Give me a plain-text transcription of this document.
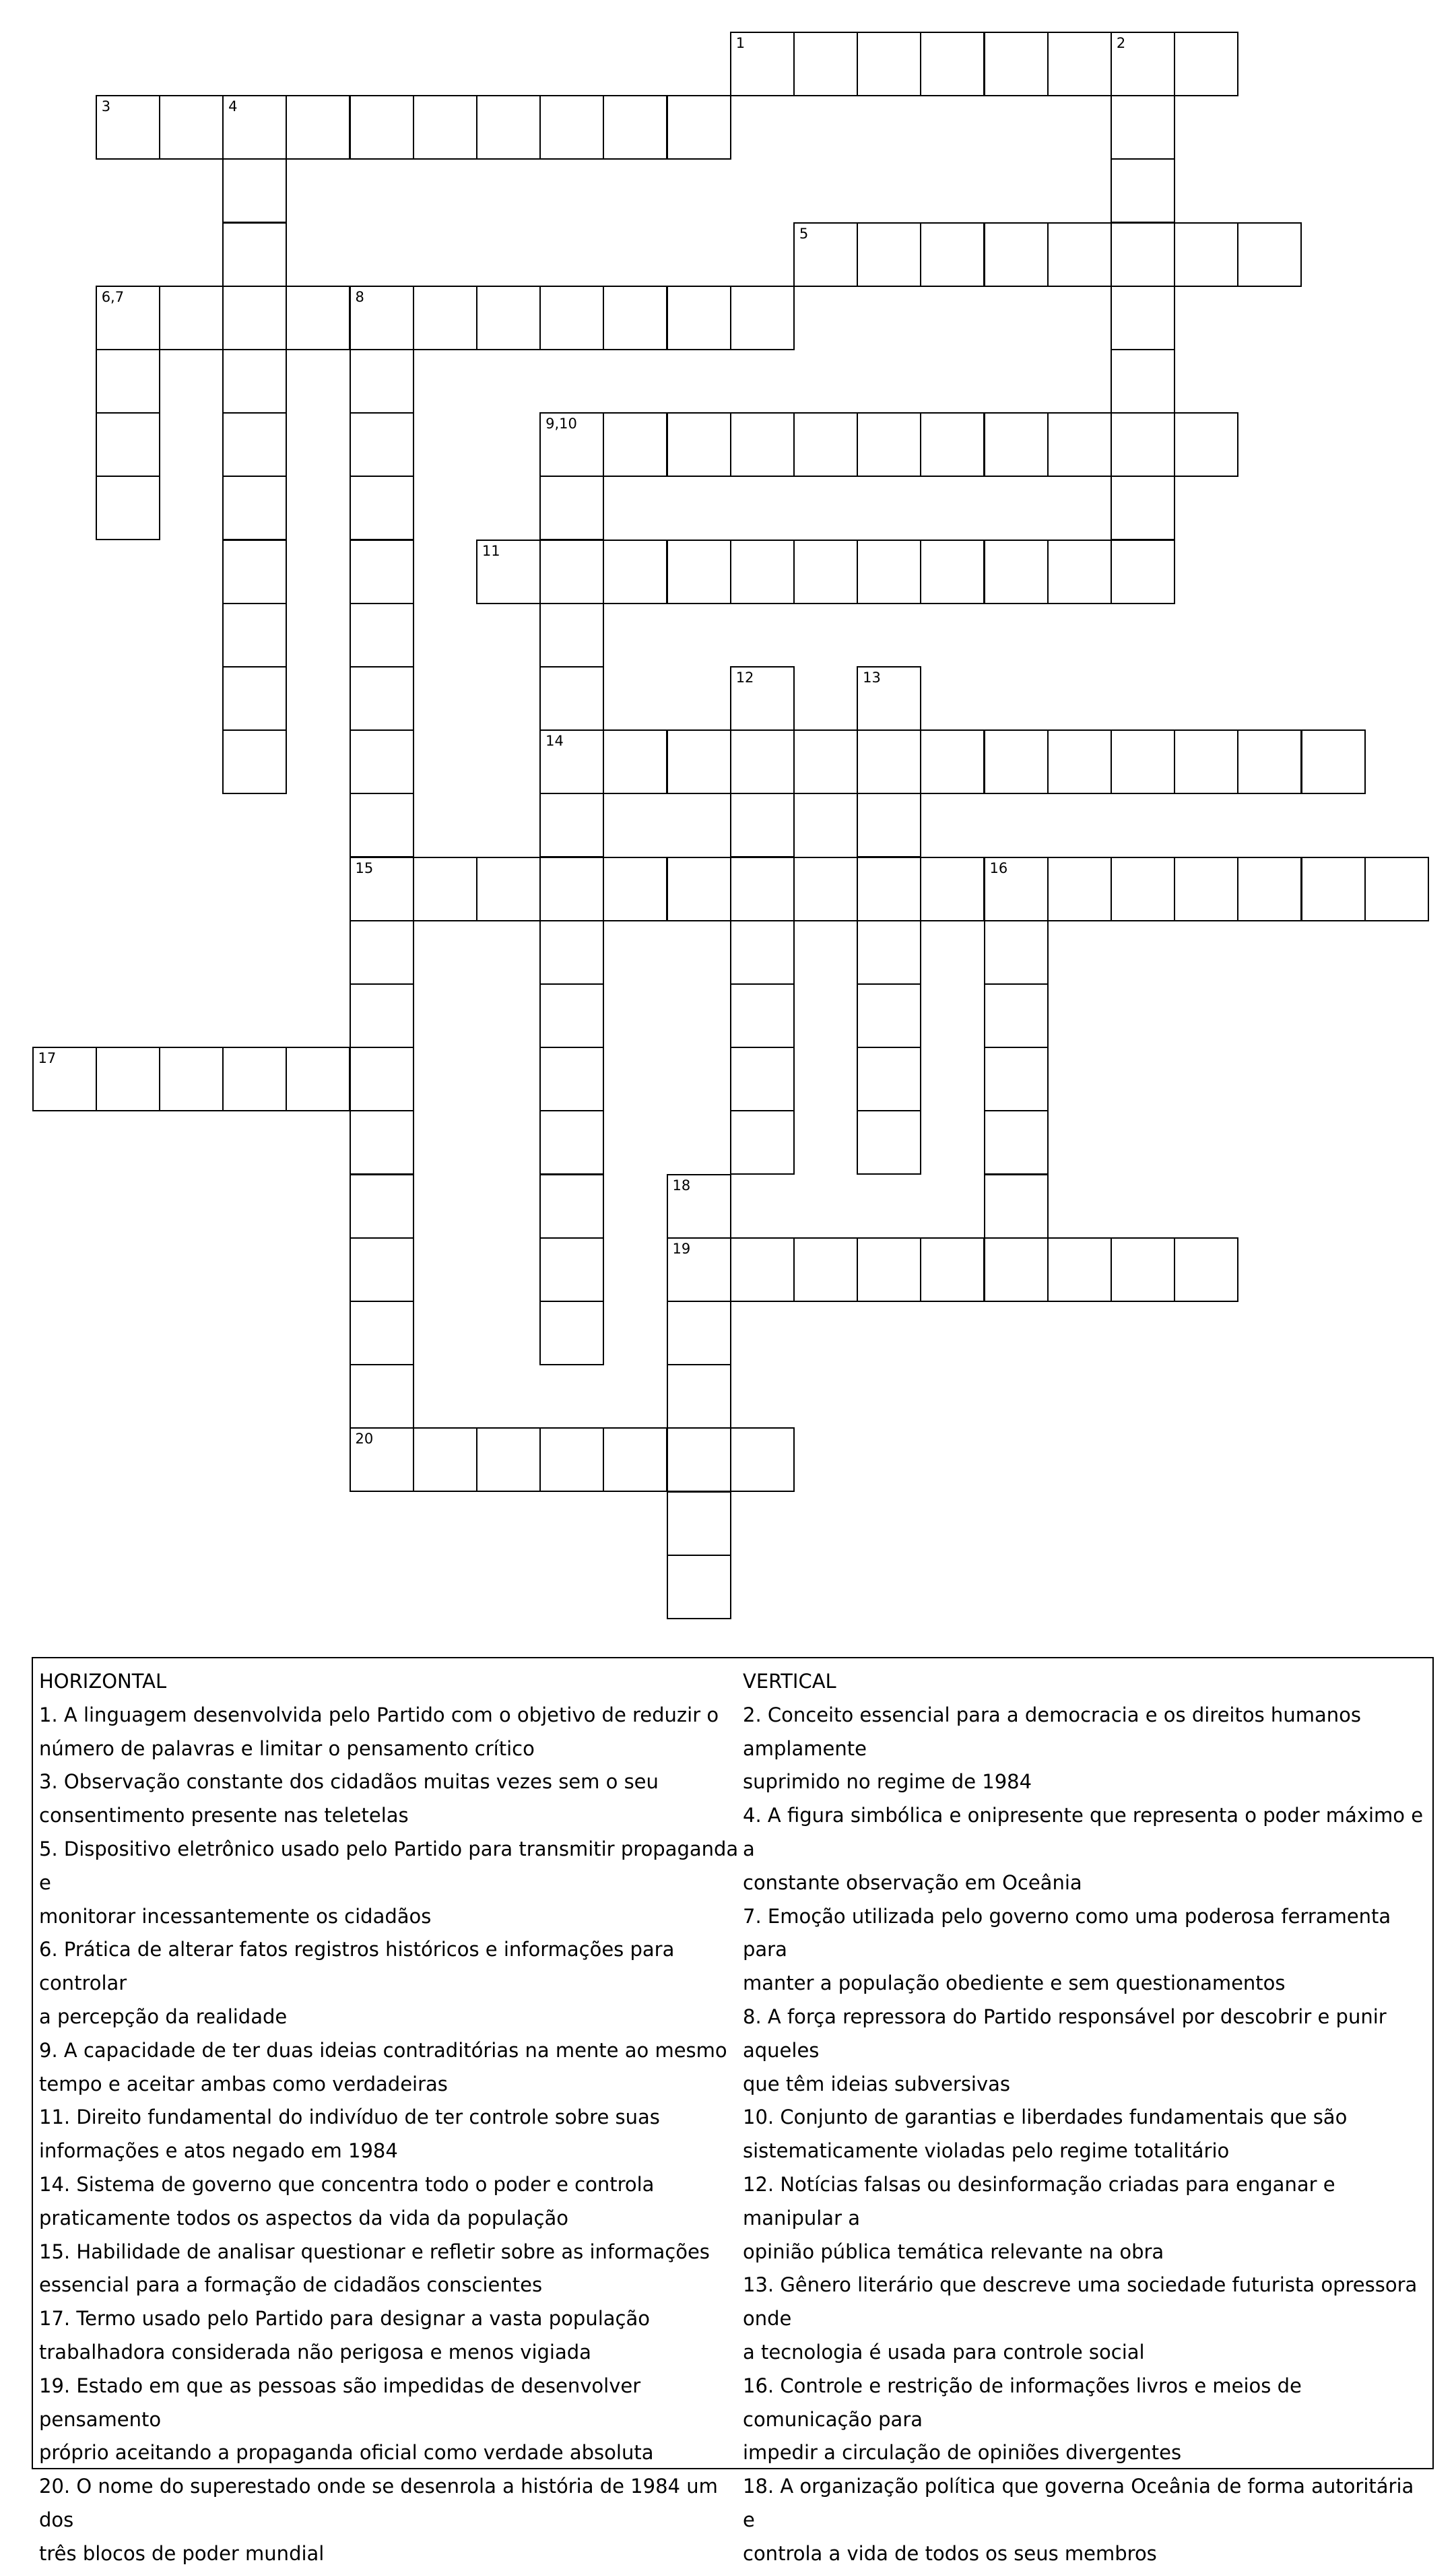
1	2
3	4
5
6,7	8
9,10
11
12	13
14
15	16
17
18
19
20
HORIZONTAL
1. A linguagem desenvolvida pelo Partido com o objetivo de reduzir o
número de palavras e limitar o pensamento crítico
3. Observação constante dos cidadãos muitas vezes sem o seu
consentimento presente nas teletelas
5. Dispositivo eletrônico usado pelo Partido para transmitir propaganda e
monitorar incessantemente os cidadãos
6. Prática de alterar fatos registros históricos e informações para controlar
a percepção da realidade
9. A capacidade de ter duas ideias contraditórias na mente ao mesmo
tempo e aceitar ambas como verdadeiras
11. Direito fundamental do indivíduo de ter controle sobre suas
informações e atos negado em 1984
14. Sistema de governo que concentra todo o poder e controla
praticamente todos os aspectos da vida da população
15. Habilidade de analisar questionar e refletir sobre as informações
essencial para a formação de cidadãos conscientes
17. Termo usado pelo Partido para designar a vasta população
trabalhadora considerada não perigosa e menos vigiada
19. Estado em que as pessoas são impedidas de desenvolver pensamento
próprio aceitando a propaganda oficial como verdade absoluta
20. O nome do superestado onde se desenrola a história de 1984 um dos
três blocos de poder mundial
VERTICAL
2. Conceito essencial para a democracia e os direitos humanos amplamente
suprimido no regime de 1984
4. A figura simbólica e onipresente que representa o poder máximo e a
constante observação em Oceânia
7. Emoção utilizada pelo governo como uma poderosa ferramenta para
manter a população obediente e sem questionamentos
8. A força repressora do Partido responsável por descobrir e punir aqueles
que têm ideias subversivas
10. Conjunto de garantias e liberdades fundamentais que são
sistematicamente violadas pelo regime totalitário
12. Notícias falsas ou desinformação criadas para enganar e manipular a
opinião pública temática relevante na obra
13. Gênero literário que descreve uma sociedade futurista opressora onde
a tecnologia é usada para controle social
16. Controle e restrição de informações livros e meios de comunicação para
impedir a circulação de opiniões divergentes
18. A organização política que governa Oceânia de forma autoritária e
controla a vida de todos os seus membros
